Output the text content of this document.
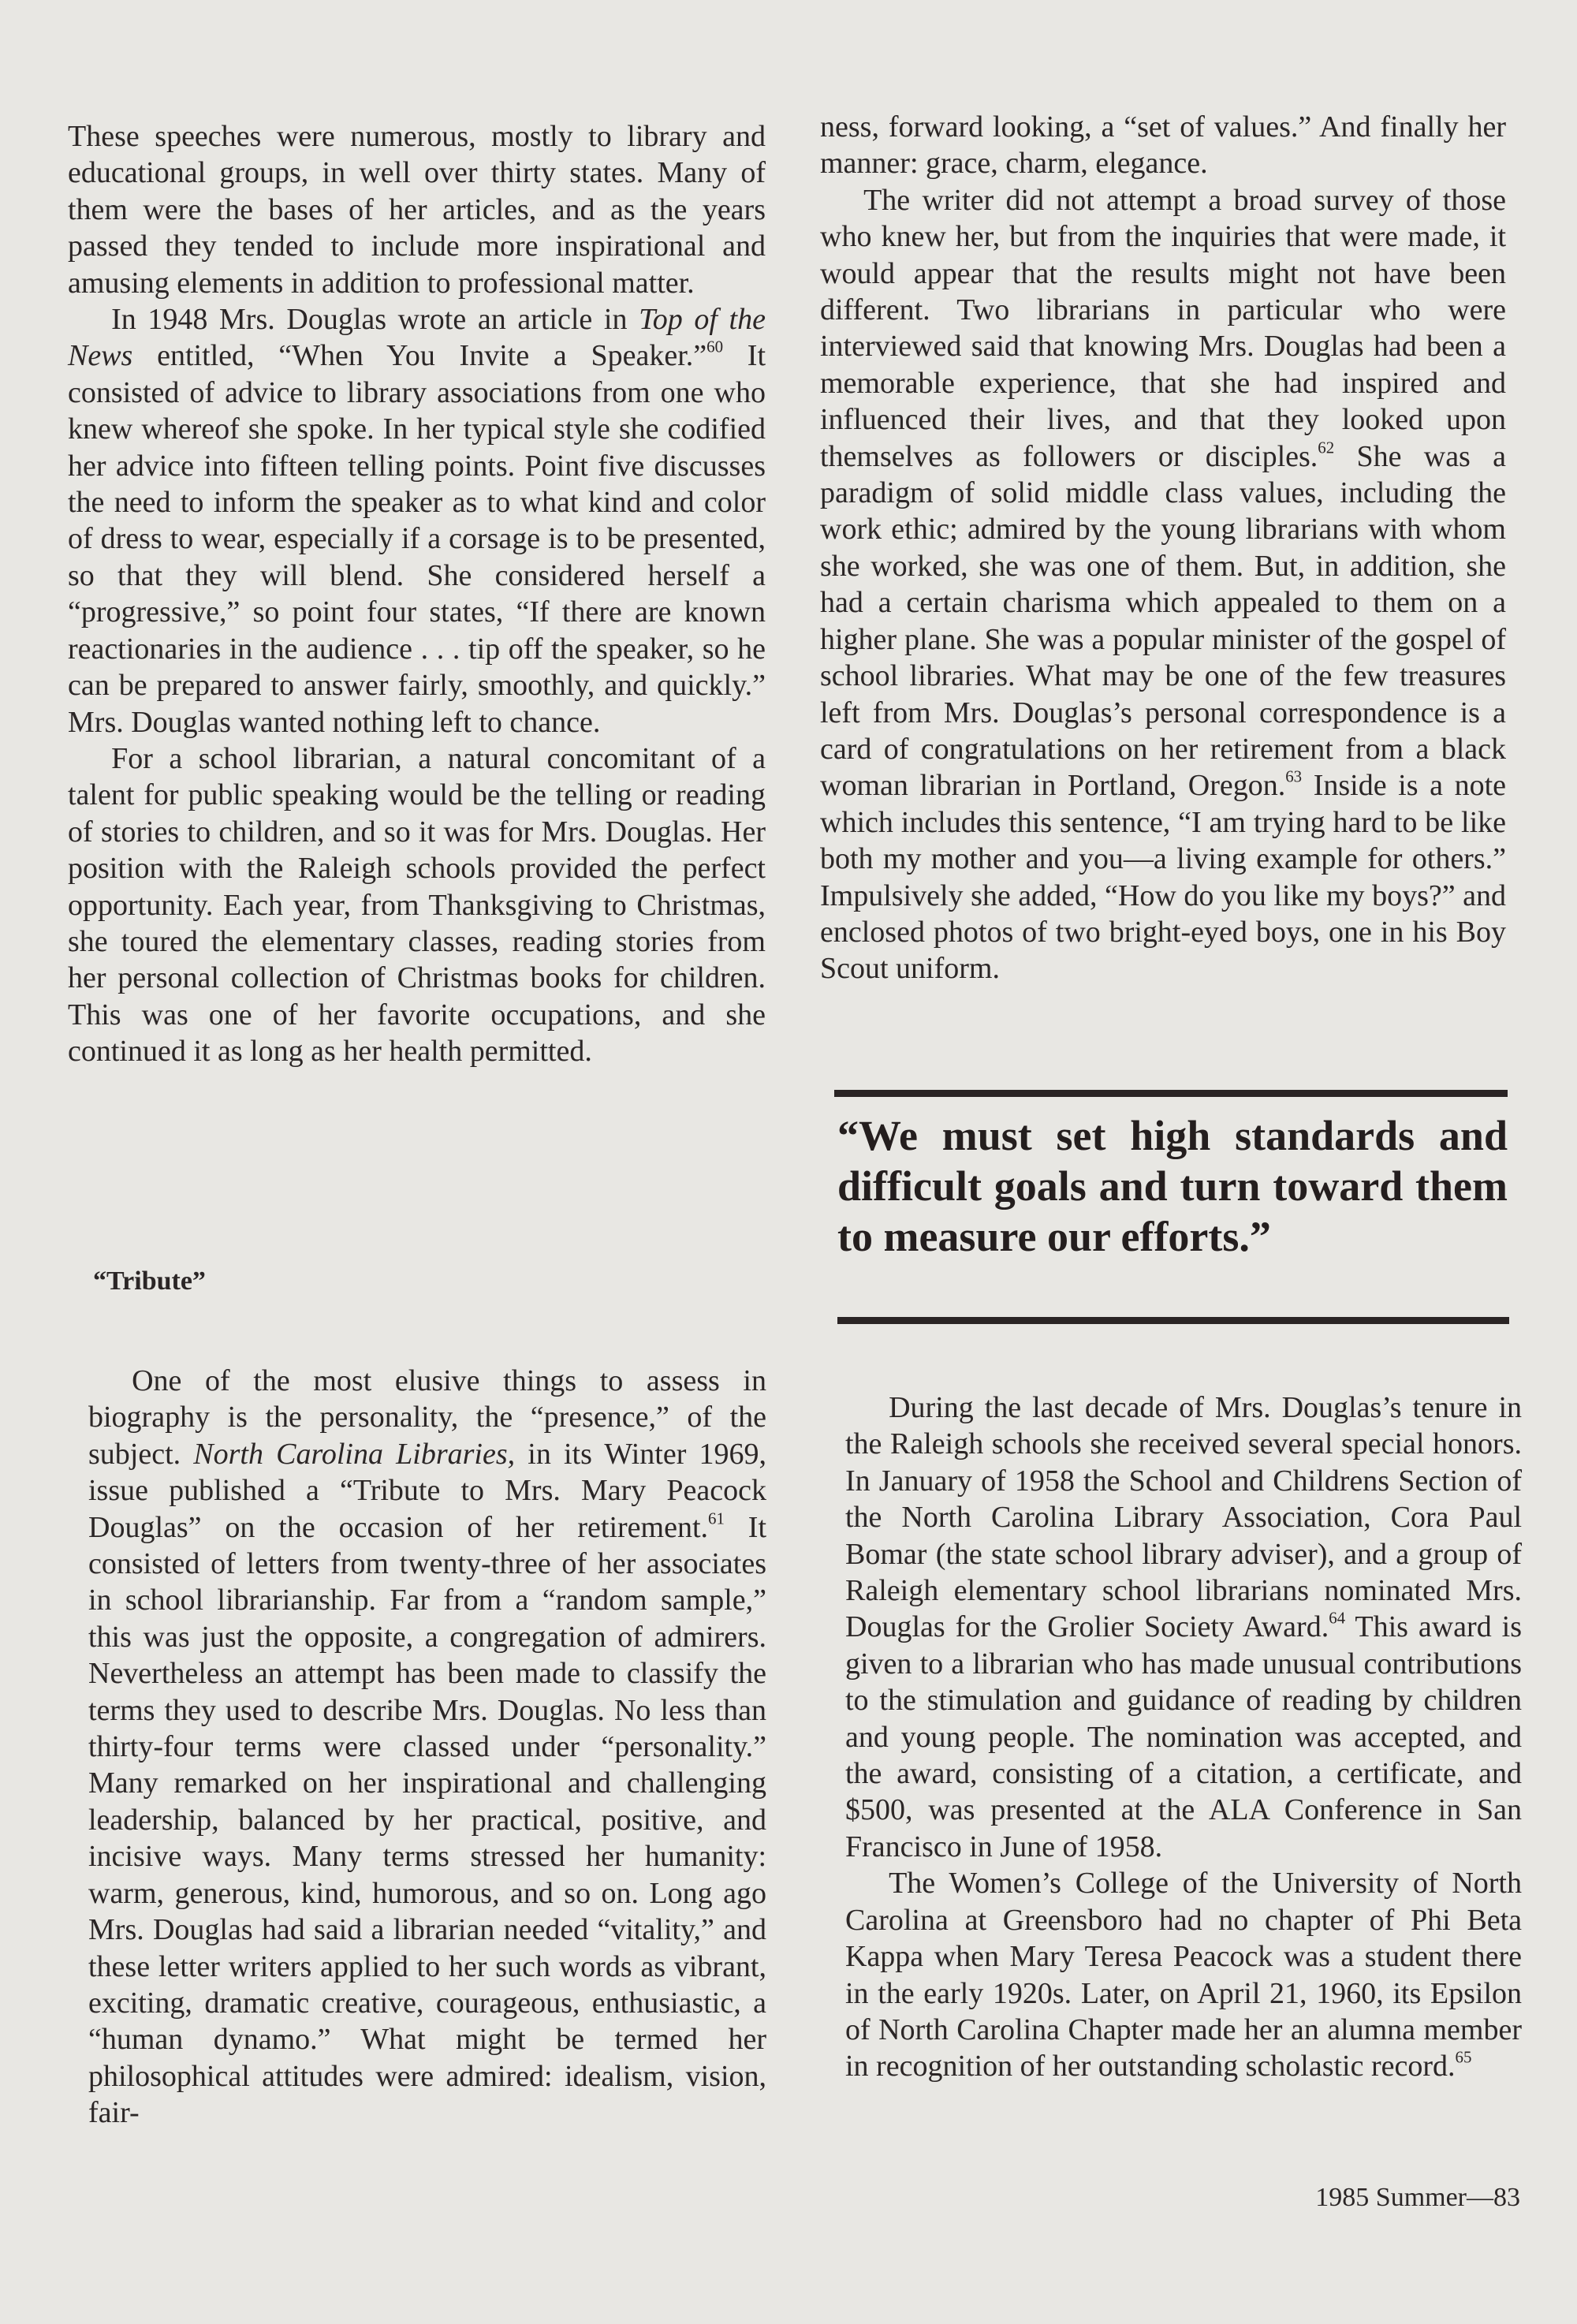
These speeches were numerous, mostly to library and educational groups, in well over thirty states. Many of them were the bases of her articles, and as the years passed they tended to include more inspirational and amusing elements in addition to professional matter.

In 1948 Mrs. Douglas wrote an article in Top of the News entitled, “When You Invite a Speaker.”$^{60}$ It consisted of advice to library associations from one who knew whereof she spoke. In her typical style she codified her advice into fifteen telling points. Point five discusses the need to inform the speaker as to what kind and color of dress to wear, especially if a corsage is to be presented, so that they will blend. She considered herself a “progressive,” so point four states, “If there are known reactionaries in the audience . . . tip off the speaker, so he can be prepared to answer fairly, smoothly, and quickly.” Mrs. Douglas wanted nothing left to chance.

For a school librarian, a natural concomitant of a talent for public speaking would be the telling or reading of stories to children, and so it was for Mrs. Douglas. Her position with the Raleigh schools provided the perfect opportunity. Each year, from Thanksgiving to Christmas, she toured the elementary classes, reading stories from her personal collection of Christmas books for children. This was one of her favorite occupations, and she continued it as long as her health permitted.

“Tribute”

One of the most elusive things to assess in biography is the personality, the “presence,” of the subject. North Carolina Libraries, in its Winter 1969, issue published a “Tribute to Mrs. Mary Peacock Douglas” on the occasion of her retirement.$^{61}$ It consisted of letters from twenty-three of her associates in school librarianship. Far from a “random sample,” this was just the opposite, a congregation of admirers. Nevertheless an attempt has been made to classify the terms they used to describe Mrs. Douglas. No less than thirty-four terms were classed under “personality.” Many remarked on her inspirational and challenging leadership, balanced by her practical, positive, and incisive ways. Many terms stressed her humanity: warm, generous, kind, humorous, and so on. Long ago Mrs. Douglas had said a librarian needed “vitality,” and these letter writers applied to her such words as vibrant, exciting, dramatic creative, courageous, enthusiastic, a “human dynamo.” What might be termed her philosophical attitudes were admired: idealism, vision, fair-

ness, forward looking, a “set of values.” And finally her manner: grace, charm, elegance.

The writer did not attempt a broad survey of those who knew her, but from the inquiries that were made, it would appear that the results might not have been different. Two librarians in particular who were interviewed said that knowing Mrs. Douglas had been a memorable experience, that she had inspired and influenced their lives, and that they looked upon themselves as followers or disciples.$^{62}$ She was a paradigm of solid middle class values, including the work ethic; admired by the young librarians with whom she worked, she was one of them. But, in addition, she had a certain charisma which appealed to them on a higher plane. She was a popular minister of the gospel of school libraries. What may be one of the few treasures left from Mrs. Douglas’s personal correspondence is a card of congratulations on her retirement from a black woman librarian in Portland, Oregon.$^{63}$ Inside is a note which includes this sentence, “I am trying hard to be like both my mother and you—a living example for others.” Impulsively she added, “How do you like my boys?” and enclosed photos of two bright-eyed boys, one in his Boy Scout uniform.

“We must set high standards and difficult goals and turn toward them to measure our efforts.”

During the last decade of Mrs. Douglas’s tenure in the Raleigh schools she received several special honors. In January of 1958 the School and Childrens Section of the North Carolina Library Association, Cora Paul Bomar (the state school library adviser), and a group of Raleigh elementary school librarians nominated Mrs. Douglas for the Grolier Society Award.$^{64}$ This award is given to a librarian who has made unusual contributions to the stimulation and guidance of reading by children and young people. The nomination was accepted, and the award, consisting of a citation, a certificate, and $500, was presented at the ALA Conference in San Francisco in June of 1958.

The Women’s College of the University of North Carolina at Greensboro had no chapter of Phi Beta Kappa when Mary Teresa Peacock was a student there in the early 1920s. Later, on April 21, 1960, its Epsilon of North Carolina Chapter made her an alumna member in recognition of her outstanding scholastic record.$^{65}$

1985 Summer—83
